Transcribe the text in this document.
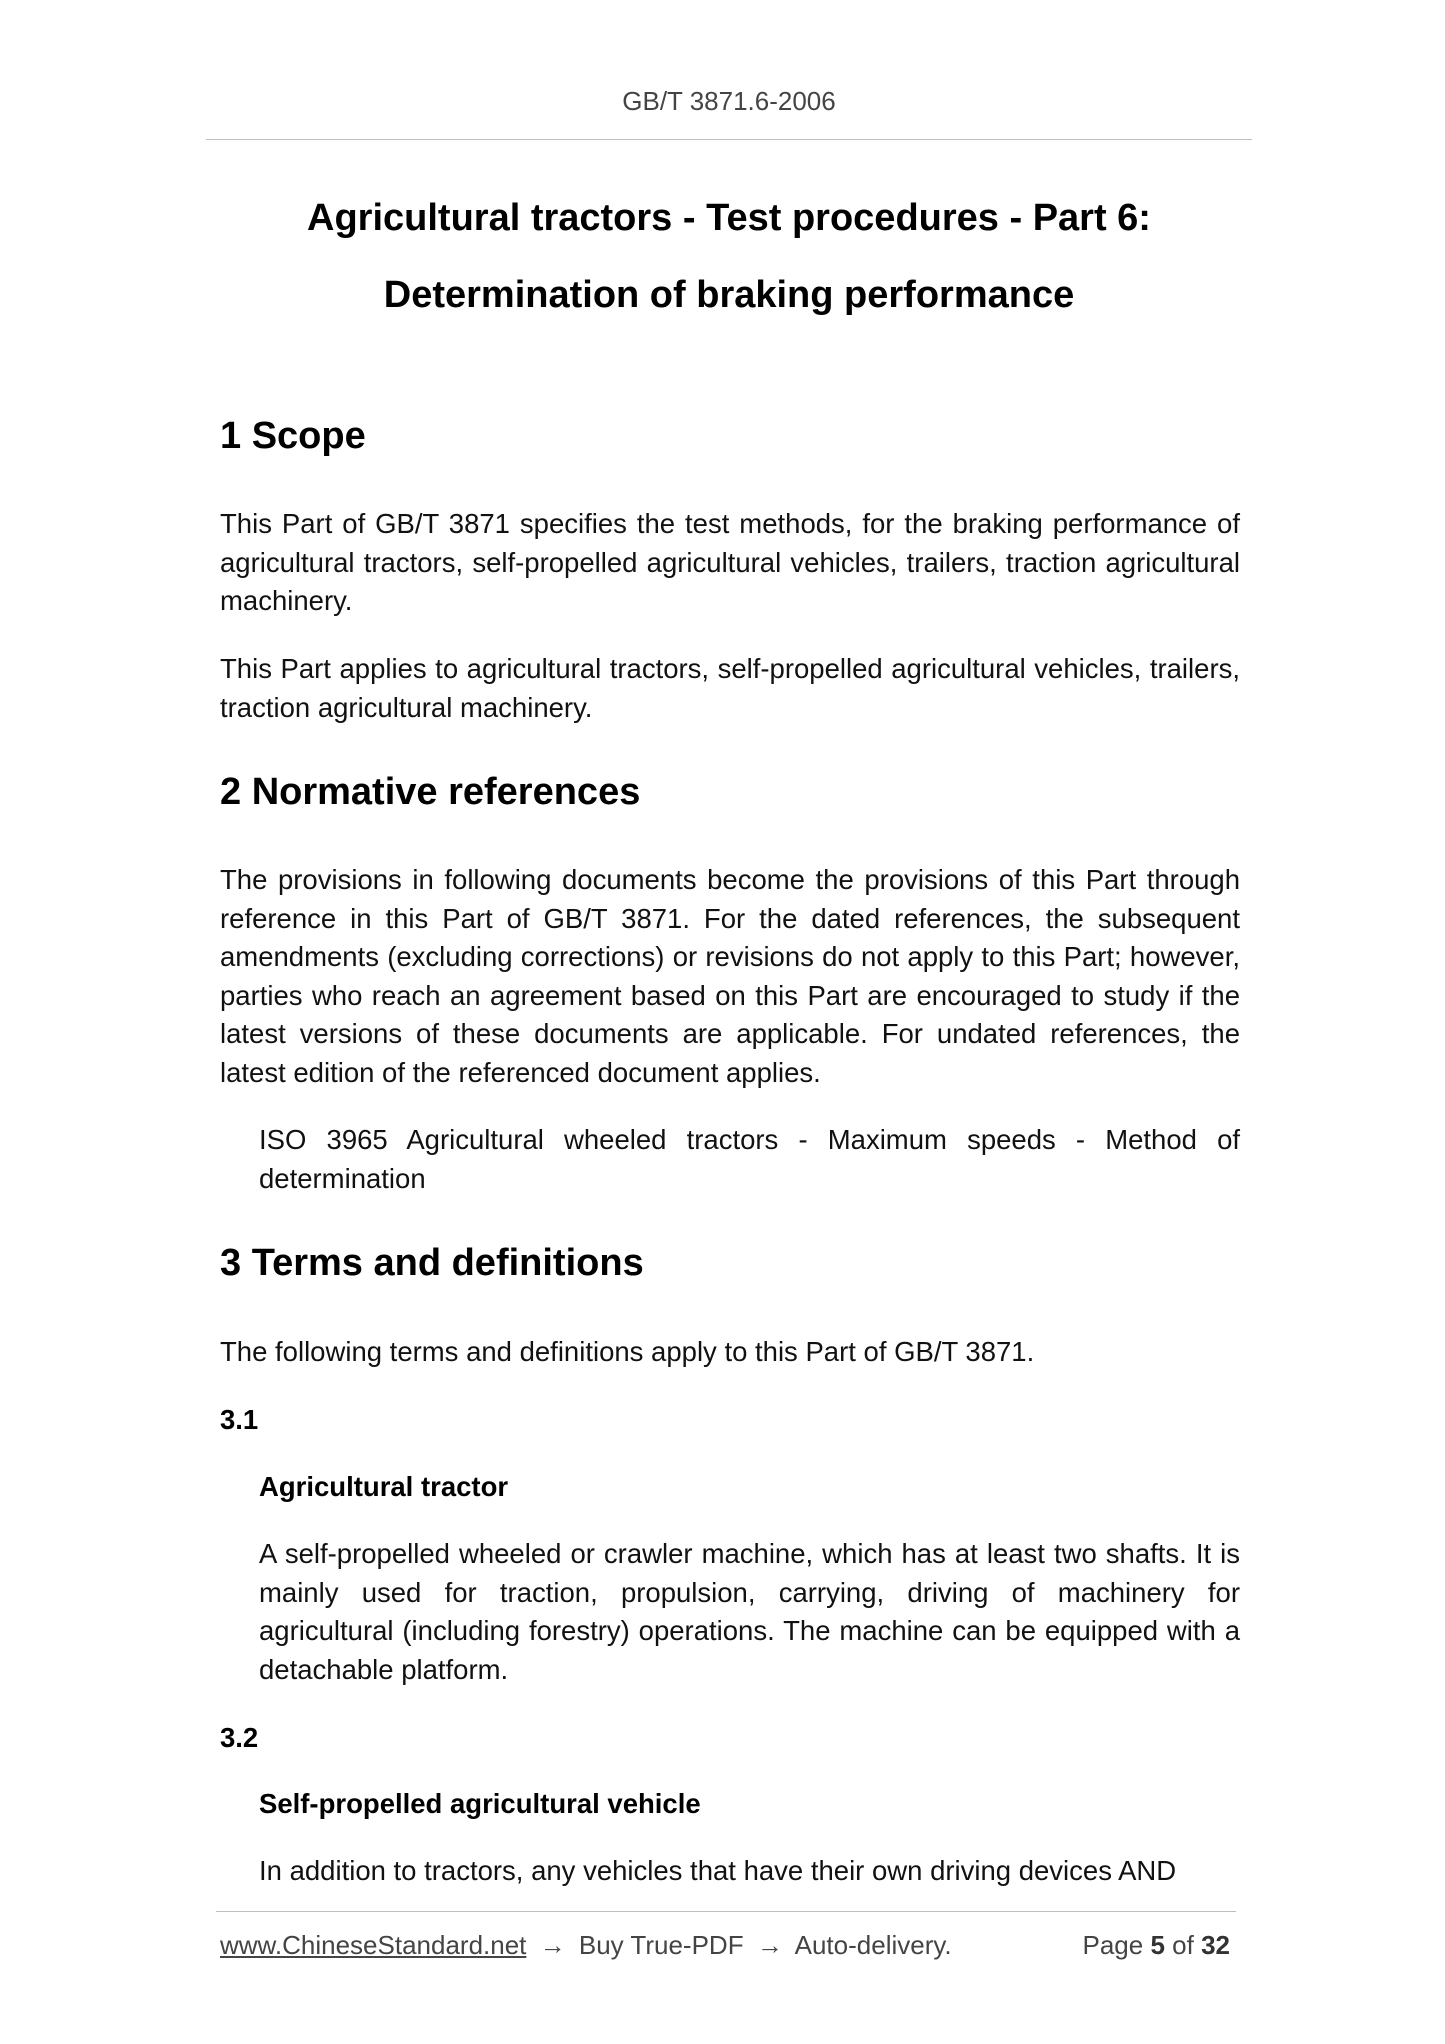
GB/T 3871.6-2006
Agricultural tractors - Test procedures - Part 6:
Determination of braking performance
1 Scope
This Part of GB/T 3871 specifies the test methods, for the braking performance of agricultural tractors, self-propelled agricultural vehicles, trailers, traction agricultural machinery.
This Part applies to agricultural tractors, self-propelled agricultural vehicles, trailers, traction agricultural machinery.
2 Normative references
The provisions in following documents become the provisions of this Part through reference in this Part of GB/T 3871. For the dated references, the subsequent amendments (excluding corrections) or revisions do not apply to this Part; however, parties who reach an agreement based on this Part are encouraged to study if the latest versions of these documents are applicable. For undated references, the latest edition of the referenced document applies.
ISO 3965 Agricultural wheeled tractors - Maximum speeds - Method of determination
3 Terms and definitions
The following terms and definitions apply to this Part of GB/T 3871.
3.1
Agricultural tractor
A self-propelled wheeled or crawler machine, which has at least two shafts. It is mainly used for traction, propulsion, carrying, driving of machinery for agricultural (including forestry) operations. The machine can be equipped with a detachable platform.
3.2
Self-propelled agricultural vehicle
In addition to tractors, any vehicles that have their own driving devices AND
www.ChineseStandard.net → Buy True-PDF → Auto-delivery.	Page 5 of 32
